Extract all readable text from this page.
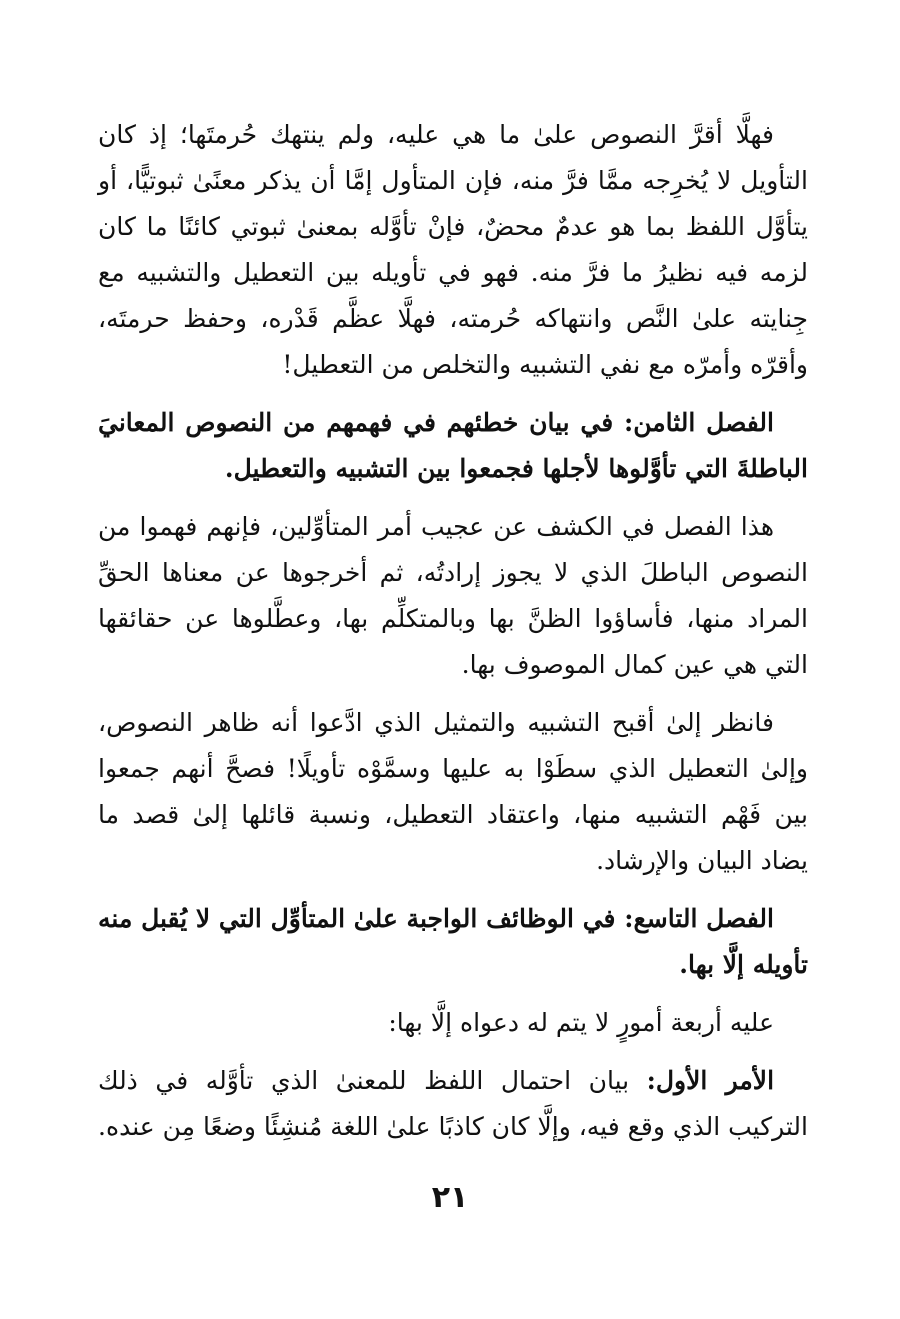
فهلَّا أقرَّ النصوص علىٰ ما هي عليه، ولم ينتهك حُرمتَها؛ إذ كان التأويل لا يُخرِجه ممَّا فرَّ منه، فإن المتأول إمَّا أن يذكر معنًىٰ ثبوتيًّا، أو يتأوَّل اللفظ بما هو عدمٌ محضٌ، فإنْ تأوَّله بمعنىٰ ثبوتي كائنًا ما كان لزمه فيه نظيرُ ما فرَّ منه. فهو في تأويله بين التعطيل والتشبيه مع جِنايته علىٰ النَّص وانتهاكه حُرمته، فهلَّا عظَّم قَدْره، وحفظ حرمتَه، وأقرّه وأمرّه مع نفي التشبيه والتخلص من التعطيل!

الفصل الثامن: في بيان خطئهم في فهمهم من النصوص المعانيَ الباطلةَ التي تأوَّلوها لأجلها فجمعوا بين التشبيه والتعطيل.

هذا الفصل في الكشف عن عجيب أمر المتأوِّلين، فإنهم فهموا من النصوص الباطلَ الذي لا يجوز إرادتُه، ثم أخرجوها عن معناها الحقِّ المراد منها، فأساؤوا الظنَّ بها وبالمتكلِّم بها، وعطَّلوها عن حقائقها التي هي عين كمال الموصوف بها.

فانظر إلىٰ أقبح التشبيه والتمثيل الذي ادَّعوا أنه ظاهر النصوص، وإلىٰ التعطيل الذي سطَوْا به عليها وسمَّوْه تأويلًا! فصحَّ أنهم جمعوا بين فَهْم التشبيه منها، واعتقاد التعطيل، ونسبة قائلها إلىٰ قصد ما يضاد البيان والإرشاد.

الفصل التاسع: في الوظائف الواجبة علىٰ المتأوِّل التي لا يُقبل منه تأويله إلَّا بها.

عليه أربعة أمورٍ لا يتم له دعواه إلَّا بها:

الأمر الأول: بيان احتمال اللفظ للمعنىٰ الذي تأوَّله في ذلك التركيب الذي وقع فيه، وإلَّا كان كاذبًا علىٰ اللغة مُنشِئًا وضعًا مِن عنده.

٢١
